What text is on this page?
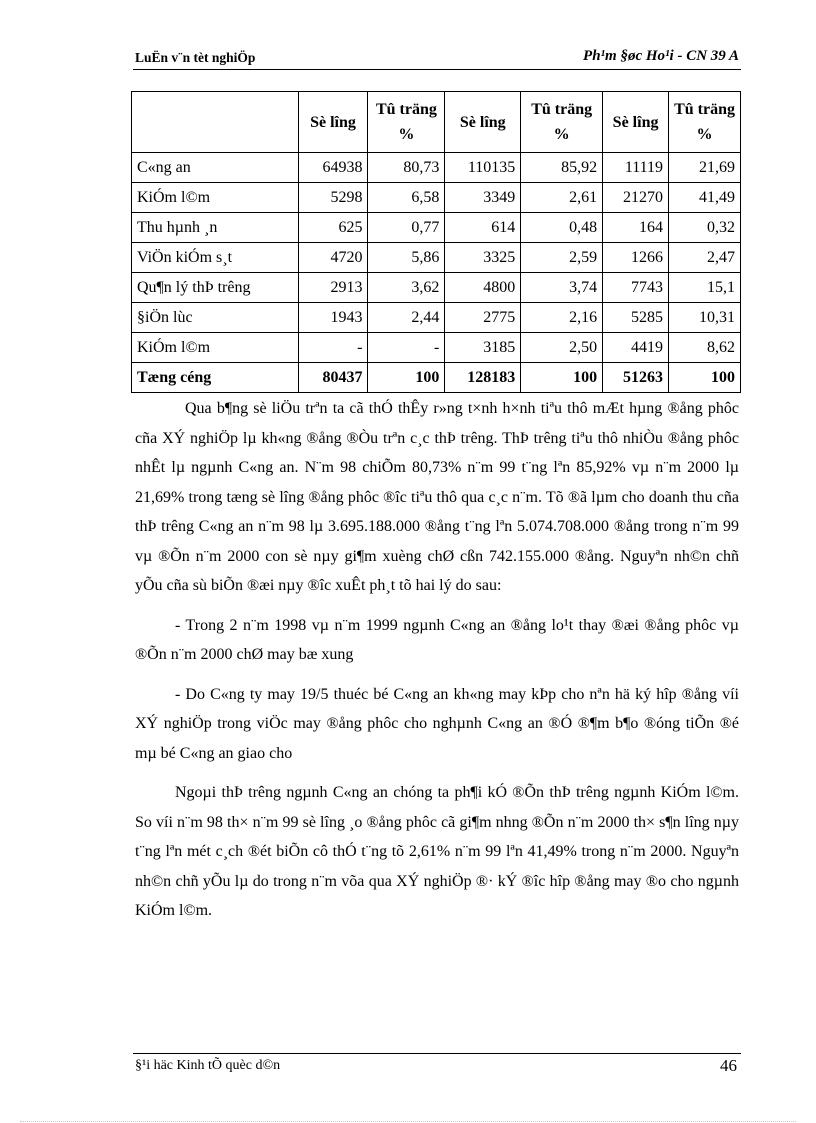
LuËn v¨n tèt nghiÖp	Ph¹m §øc Ho¹i - CN 39 A
	Sè lîng	Tû träng %	Sè lîng	Tû träng %	Sè lîng	Tû träng %
C«ng an	64938	80,73	110135	85,92	11119	21,69
KiÓm l©m	5298	6,58	3349	2,61	21270	41,49
Thu hµnh ¸n	625	0,77	614	0,48	164	0,32
ViÖn kiÓm s¸t	4720	5,86	3325	2,59	1266	2,47
Qu¶n lý thÞ trêng	2913	3,62	4800	3,74	7743	15,1
§iÖn lùc	1943	2,44	2775	2,16	5285	10,31
KiÓm l©m	-	-	3185	2,50	4419	8,62
Tæng céng	80437	100	128183	100	51263	100

Qua b¶ng sè liÖu trªn ta cã thÓ thÊy r»ng t×nh h×nh tiªu thô mÆt hµng ®ång phôc cña XÝ nghiÖp lµ kh«ng ®ång ®Òu trªn c¸c thÞ trêng. ThÞ trêng tiªu thô nhiÒu ®ång phôc nhÊt lµ ngµnh C«ng an. N¨m 98 chiÕm 80,73% n¨m 99 t¨ng lªn 85,92% vµ n¨m 2000 lµ 21,69% trong tæng sè lîng ®ång phôc ®îc tiªu thô qua c¸c n¨m. Tõ ®ã lµm cho doanh thu cña thÞ trêng C«ng an n¨m 98 lµ 3.695.188.000 ®ång t¨ng lªn 5.074.708.000 ®ång trong n¨m 99 vµ ®Õn n¨m 2000 con sè nµy gi¶m xuèng chØ cßn 742.155.000 ®ång. Nguyªn nh©n chñ yÕu cña sù biÕn ®æi nµy ®îc xuÊt ph¸t tõ hai lý do sau:

- Trong 2 n¨m 1998 vµ n¨m 1999 ngµnh C«ng an ®ång lo¹t thay ®æi ®ång phôc vµ ®Õn n¨m 2000 chØ may bæ xung

- Do C«ng ty may 19/5 thuéc bé C«ng an kh«ng may kÞp cho nªn hä ký hîp ®ång víi XÝ nghiÖp trong viÖc may ®ång phôc cho nghµnh C«ng an ®Ó ®¶m b¶o ®óng tiÕn ®é mµ bé C«ng an giao cho

Ngoµi thÞ trêng ngµnh C«ng an chóng ta ph¶i kÓ ®Õn thÞ trêng ngµnh KiÓm l©m. So víi n¨m 98 th× n¨m 99 sè lîng ¸o ®ång phôc cã gi¶m nhng ®Õn n¨m 2000 th× s¶n lîng nµy t¨ng lªn mét c¸ch ®ét biÕn cô thÓ t¨ng tõ 2,61% n¨m 99 lªn 41,49% trong n¨m 2000. Nguyªn nh©n chñ yÕu lµ do trong n¨m võa qua XÝ nghiÖp ®· kÝ ®îc hîp ®ång may ®o cho ngµnh KiÓm l©m.

§¹i häc Kinh tÕ quèc d©n	46
